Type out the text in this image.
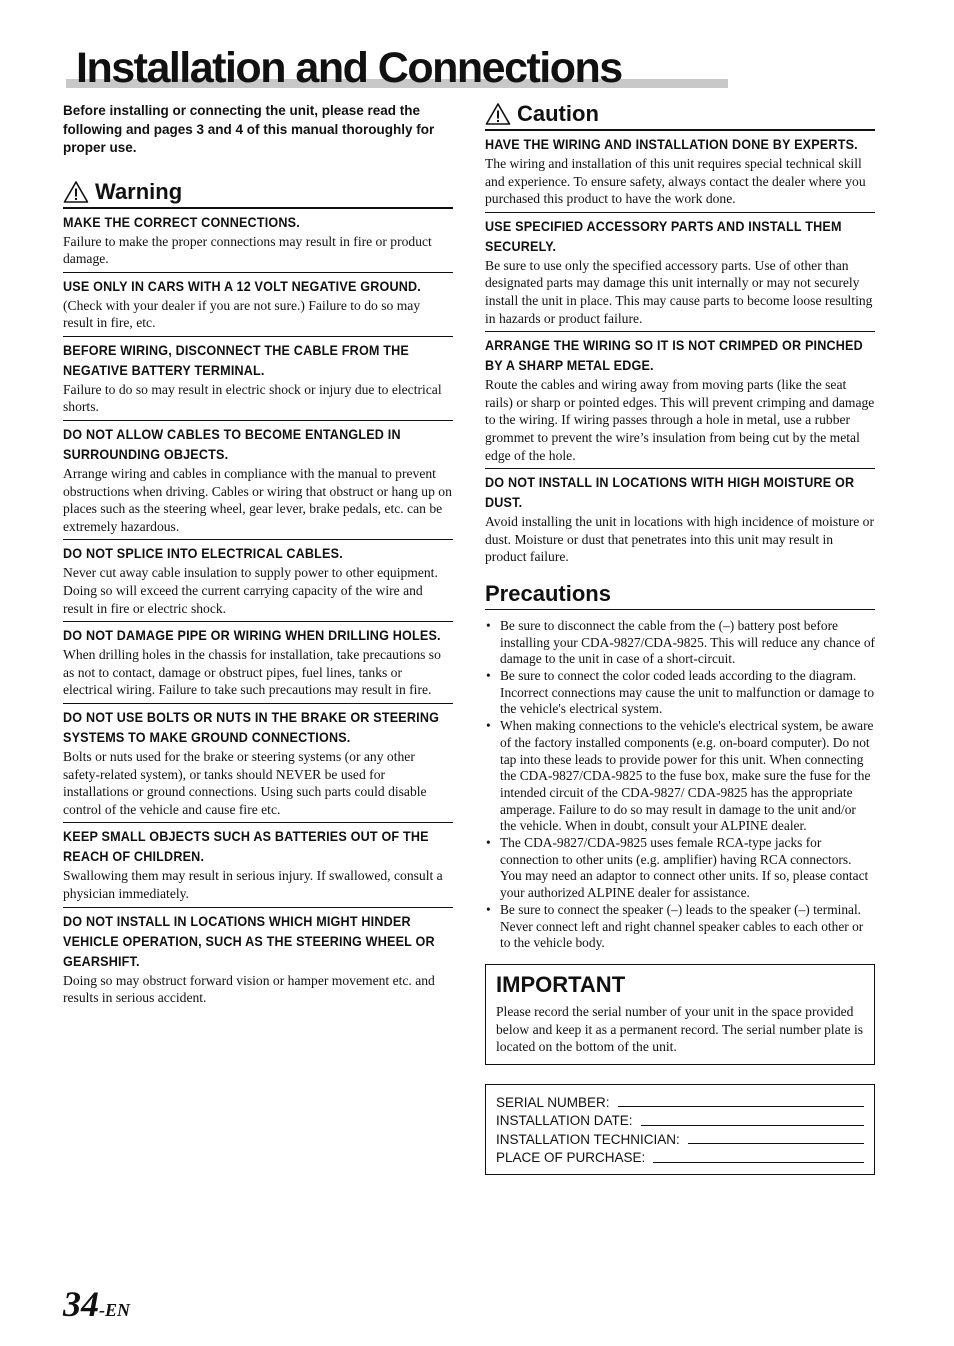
Installation and Connections

Before installing or connecting the unit, please read the following and pages 3 and 4 of this manual thoroughly for proper use.

Warning
MAKE THE CORRECT CONNECTIONS.
Failure to make the proper connections may result in fire or product damage.
USE ONLY IN CARS WITH A 12 VOLT NEGATIVE GROUND.
(Check with your dealer if you are not sure.) Failure to do so may result in fire, etc.
BEFORE WIRING, DISCONNECT THE CABLE FROM THE NEGATIVE BATTERY TERMINAL.
Failure to do so may result in electric shock or injury due to electrical shorts.
DO NOT ALLOW CABLES TO BECOME ENTANGLED IN SURROUNDING OBJECTS.
Arrange wiring and cables in compliance with the manual to prevent obstructions when driving. Cables or wiring that obstruct or hang up on places such as the steering wheel, gear lever, brake pedals, etc. can be extremely hazardous.
DO NOT SPLICE INTO ELECTRICAL CABLES.
Never cut away cable insulation to supply power to other equipment. Doing so will exceed the current carrying capacity of the wire and result in fire or electric shock.
DO NOT DAMAGE PIPE OR WIRING WHEN DRILLING HOLES.
When drilling holes in the chassis for installation, take precautions so as not to contact, damage or obstruct pipes, fuel lines, tanks or electrical wiring. Failure to take such precautions may result in fire.
DO NOT USE BOLTS OR NUTS IN THE BRAKE OR STEERING SYSTEMS TO MAKE GROUND CONNECTIONS.
Bolts or nuts used for the brake or steering systems (or any other safety-related system), or tanks should NEVER be used for installations or ground connections. Using such parts could disable control of the vehicle and cause fire etc.
KEEP SMALL OBJECTS SUCH AS BATTERIES OUT OF THE REACH OF CHILDREN.
Swallowing them may result in serious injury. If swallowed, consult a physician immediately.
DO NOT INSTALL IN LOCATIONS WHICH MIGHT HINDER VEHICLE OPERATION, SUCH AS THE STEERING WHEEL OR GEARSHIFT.
Doing so may obstruct forward vision or hamper movement etc. and results in serious accident.
Caution
HAVE THE WIRING AND INSTALLATION DONE BY EXPERTS.
The wiring and installation of this unit requires special technical skill and experience. To ensure safety, always contact the dealer where you purchased this product to have the work done.
USE SPECIFIED ACCESSORY PARTS AND INSTALL THEM SECURELY.
Be sure to use only the specified accessory parts. Use of other than designated parts may damage this unit internally or may not securely install the unit in place. This may cause parts to become loose resulting in hazards or product failure.
ARRANGE THE WIRING SO IT IS NOT CRIMPED OR PINCHED BY A SHARP METAL EDGE.
Route the cables and wiring away from moving parts (like the seat rails) or sharp or pointed edges. This will prevent crimping and damage to the wiring. If wiring passes through a hole in metal, use a rubber grommet to prevent the wire’s insulation from being cut by the metal edge of the hole.
DO NOT INSTALL IN LOCATIONS WITH HIGH MOISTURE OR DUST.
Avoid installing the unit in locations with high incidence of moisture or dust. Moisture or dust that penetrates into this unit may result in product failure.
Precautions
• Be sure to disconnect the cable from the (–) battery post before installing your CDA-9827/CDA-9825. This will reduce any chance of damage to the unit in case of a short-circuit.
• Be sure to connect the color coded leads according to the diagram. Incorrect connections may cause the unit to malfunction or damage to the vehicle's electrical system.
• When making connections to the vehicle's electrical system, be aware of the factory installed components (e.g. on-board computer). Do not tap into these leads to provide power for this unit. When connecting the CDA-9827/CDA-9825 to the fuse box, make sure the fuse for the intended circuit of the CDA-9827/ CDA-9825 has the appropriate amperage. Failure to do so may result in damage to the unit and/or the vehicle. When in doubt, consult your ALPINE dealer.
• The CDA-9827/CDA-9825 uses female RCA-type jacks for connection to other units (e.g. amplifier) having RCA connectors. You may need an adaptor to connect other units. If so, please contact your authorized ALPINE dealer for assistance.
• Be sure to connect the speaker (–) leads to the speaker (–) terminal. Never connect left and right channel speaker cables to each other or to the vehicle body.
IMPORTANT
Please record the serial number of your unit in the space provided below and keep it as a permanent record. The serial number plate is located on the bottom of the unit.
SERIAL NUMBER:
INSTALLATION DATE:
INSTALLATION TECHNICIAN:
PLACE OF PURCHASE:
34-EN
